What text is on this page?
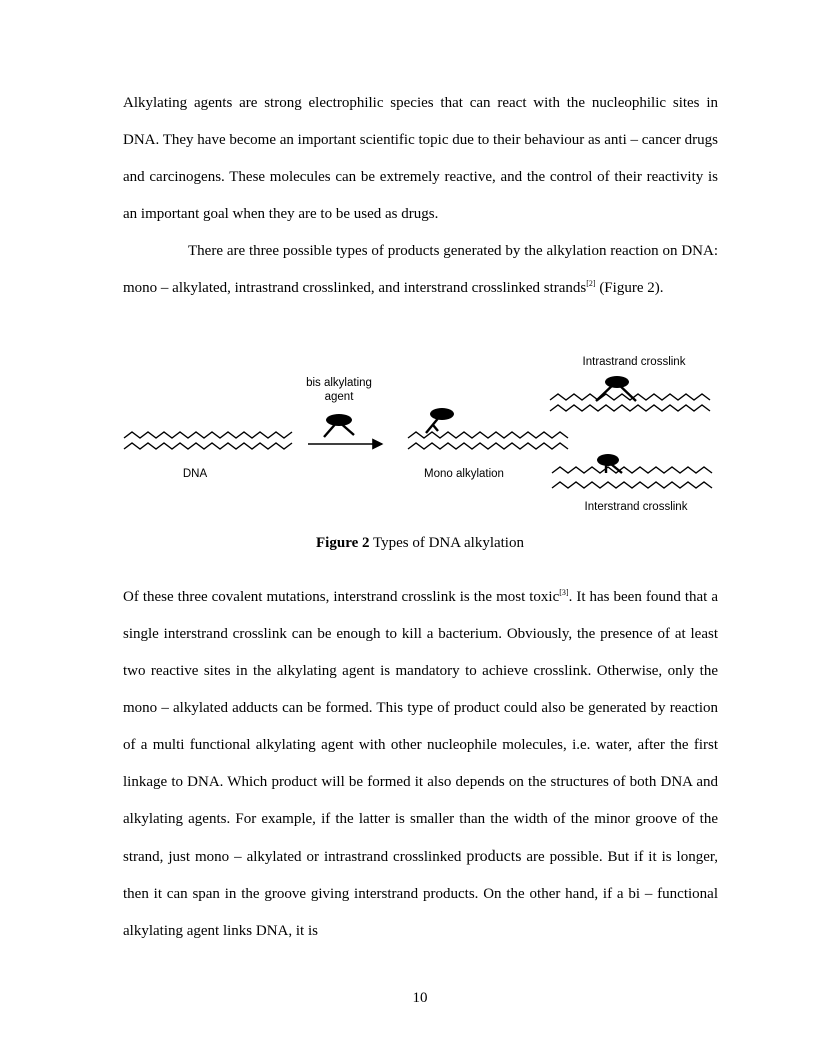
Alkylating agents are strong electrophilic species that can react with the nucleophilic sites in DNA. They have become an important scientific topic due to their behaviour as anti – cancer drugs and carcinogens. These molecules can be extremely reactive, and the control of their reactivity is an important goal when they are to be used as drugs.

There are three possible types of products generated by the alkylation reaction on DNA: mono – alkylated, intrastrand crosslinked, and interstrand crosslinked strands[2] (Figure 2).

bis alkylating
agent
DNA	Mono alkylation
Intrastrand crosslink
Interstrand crosslink
Figure 2 Types of DNA alkylation

Of these three covalent mutations, interstrand crosslink is the most toxic[3]. It has been found that a single interstrand crosslink can be enough to kill a bacterium. Obviously, the presence of at least two reactive sites in the alkylating agent is mandatory to achieve crosslink. Otherwise, only the mono – alkylated adducts can be formed. This type of product could also be generated by reaction of a multi functional alkylating agent with other nucleophile molecules, i.e. water, after the first linkage to DNA. Which product will be formed it also depends on the structures of both DNA and alkylating agents. For example, if the latter is smaller than the width of the minor groove of the strand, just mono – alkylated or intrastrand crosslinked products are possible. But if it is longer, then it can span in the groove giving interstrand products. On the other hand, if a bi – functional alkylating agent links DNA, it is

10
